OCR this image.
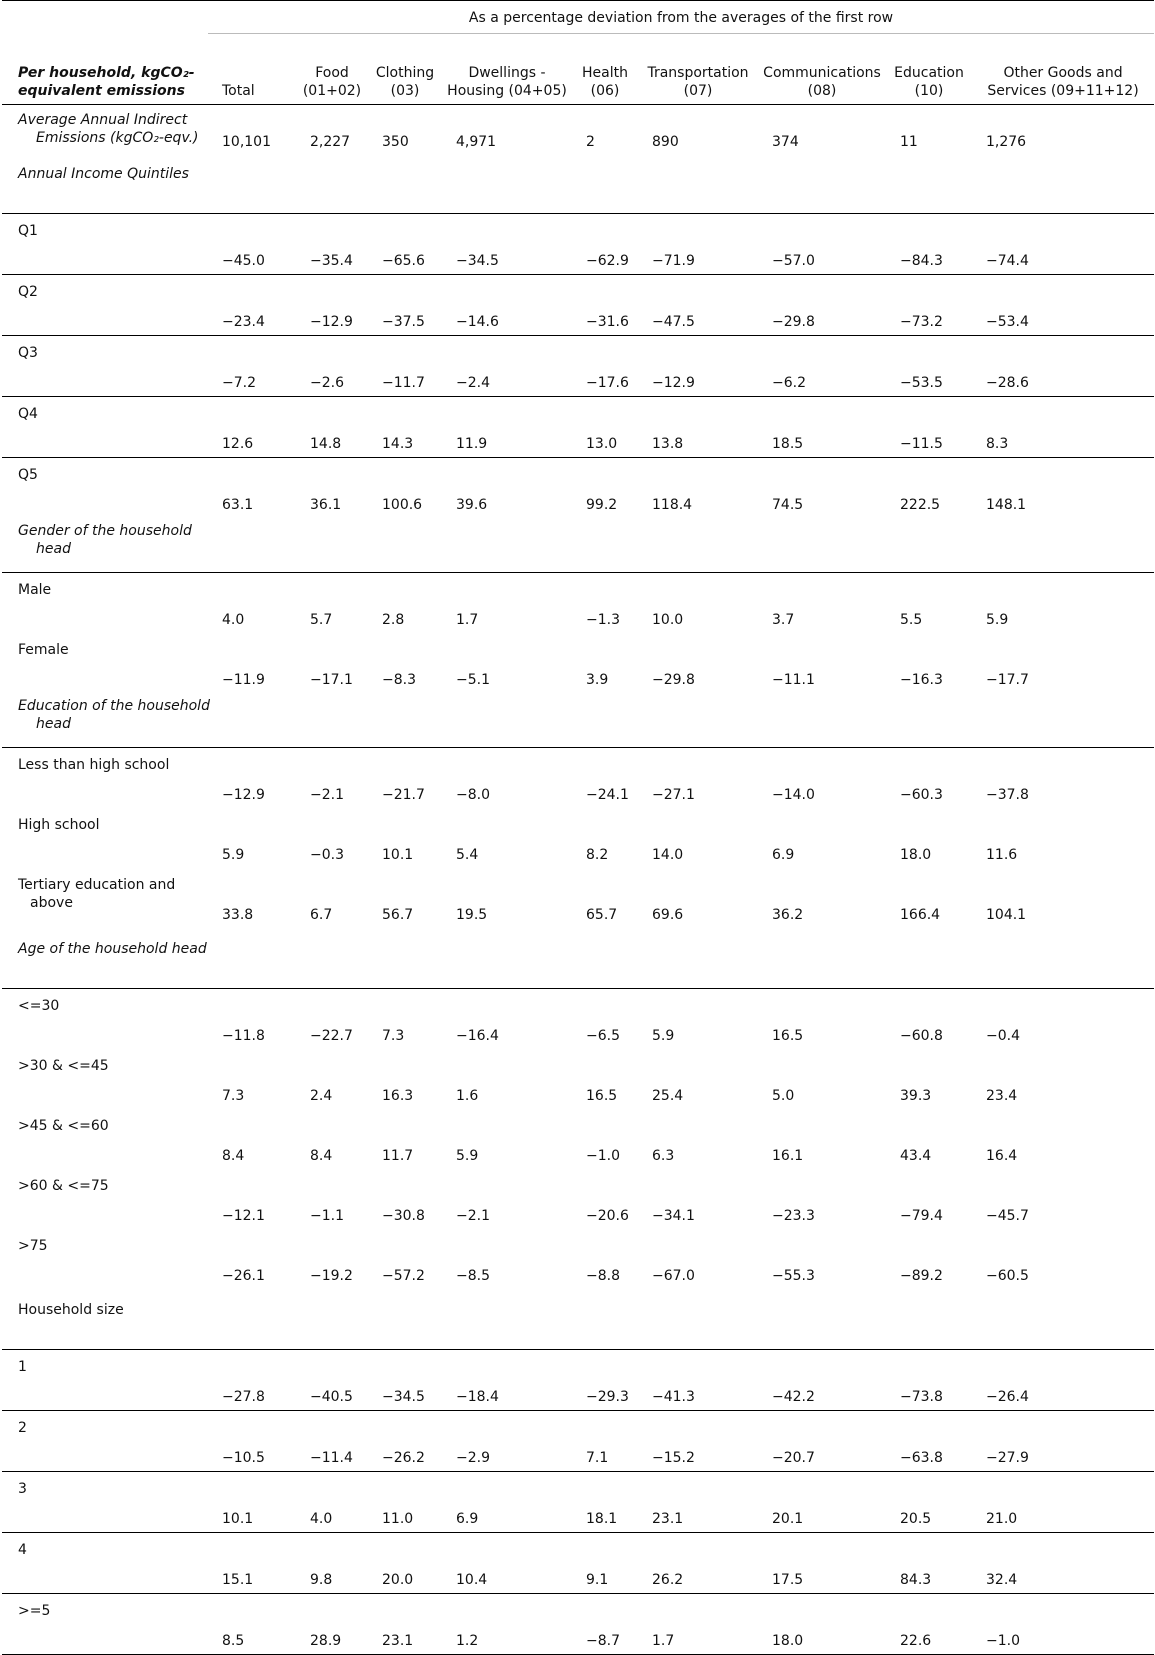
	As a percentage deviation from the averages of the first row								
Per household, kgCO₂-equivalent emissions	Total	Food (01+02)	Clothing (03)	Dwellings - Housing (04+05)	Health (06)	Transportation (07)	Communications (08)	Education (10)	Other Goods and Services (09+11+12)

Average Annual Indirect
Emissions (kgCO₂-eqv.)	10,101	2,227	350	4,971	2	890	374	11	1,276
Annual Income Quintiles									
Q1	−45.0	−35.4	−65.6	−34.5	−62.9	−71.9	−57.0	−84.3	−74.4
Q2	−23.4	−12.9	−37.5	−14.6	−31.6	−47.5	−29.8	−73.2	−53.4
Q3	−7.2	−2.6	−11.7	−2.4	−17.6	−12.9	−6.2	−53.5	−28.6
Q4	12.6	14.8	14.3	11.9	13.0	13.8	18.5	−11.5	8.3
Q5	63.1	36.1	100.6	39.6	99.2	118.4	74.5	222.5	148.1
Gender of the household
head									

Male	4.0	5.7	2.8	1.7	−1.3	10.0	3.7	5.5	5.9
Female	−11.9	−17.1	−8.3	−5.1	3.9	−29.8	−11.1	−16.3	−17.7
Education of the household
head									

Less than high school	−12.9	−2.1	−21.7	−8.0	−24.1	−27.1	−14.0	−60.3	−37.8
High school	5.9	−0.3	10.1	5.4	8.2	14.0	6.9	18.0	11.6
Tertiary education and
above	33.8	6.7	56.7	19.5	65.7	69.6	36.2	166.4	104.1
Age of the household head									
<=30	−11.8	−22.7	7.3	−16.4	−6.5	5.9	16.5	−60.8	−0.4
>30 & <=45	7.3	2.4	16.3	1.6	16.5	25.4	5.0	39.3	23.4
>45 & <=60	8.4	8.4	11.7	5.9	−1.0	6.3	16.1	43.4	16.4
>60 & <=75	−12.1	−1.1	−30.8	−2.1	−20.6	−34.1	−23.3	−79.4	−45.7
>75	−26.1	−19.2	−57.2	−8.5	−8.8	−67.0	−55.3	−89.2	−60.5
Household size									
1	−27.8	−40.5	−34.5	−18.4	−29.3	−41.3	−42.2	−73.8	−26.4
2	−10.5	−11.4	−26.2	−2.9	7.1	−15.2	−20.7	−63.8	−27.9
3	10.1	4.0	11.0	6.9	18.1	23.1	20.1	20.5	21.0
4	15.1	9.8	20.0	10.4	9.1	26.2	17.5	84.3	32.4
>=5	8.5	28.9	23.1	1.2	−8.7	1.7	18.0	22.6	−1.0
